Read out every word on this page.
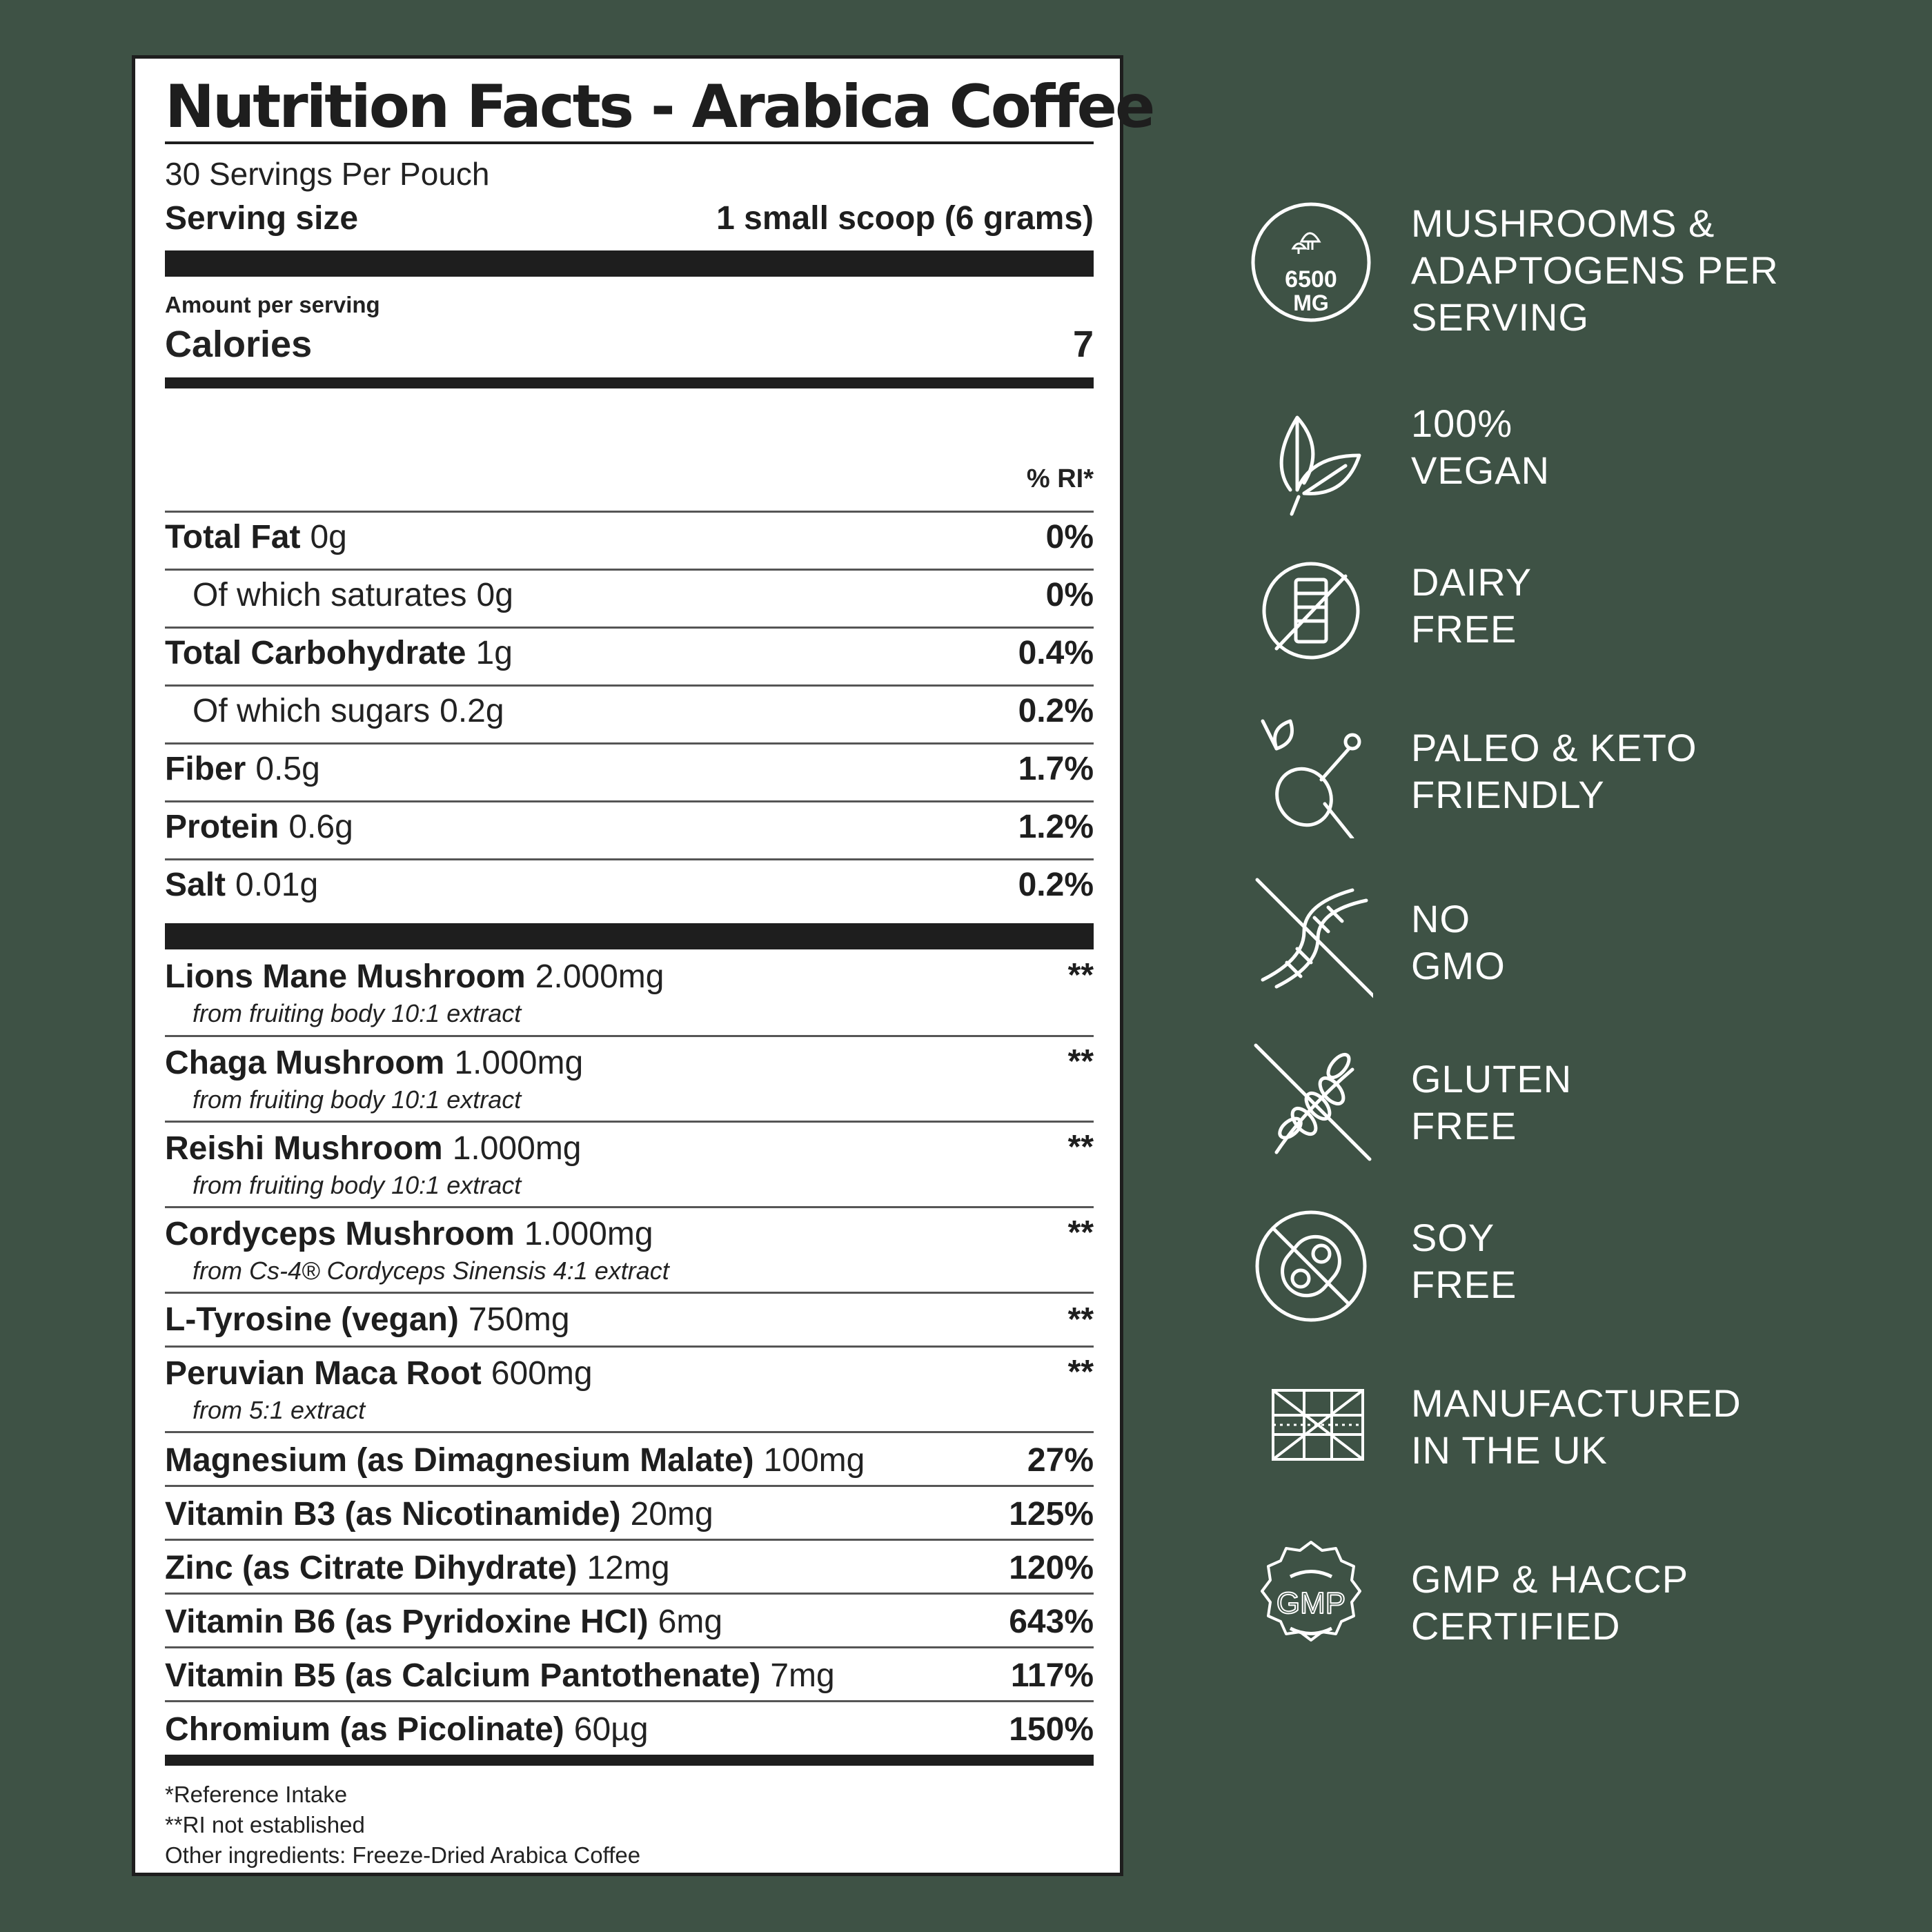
Nutrition Facts - Arabica Coffee
30 Servings Per Pouch
Serving size	1 small scoop (6 grams)
Amount per serving
Calories	7
% RI*
Total Fat 0g	0%
Of which saturates 0g	0%
Total Carbohydrate 1g	0.4%
Of which sugars 0.2g	0.2%
Fiber 0.5g	1.7%
Protein 0.6g	1.2%
Salt 0.01g	0.2%
Lions Mane Mushroom 2.000mg	**
from fruiting body 10:1 extract
Chaga Mushroom 1.000mg	**
from fruiting body 10:1 extract
Reishi Mushroom 1.000mg	**
from fruiting body 10:1 extract
Cordyceps Mushroom 1.000mg	**
from Cs-4® Cordyceps Sinensis 4:1 extract
L-Tyrosine (vegan) 750mg	**
Peruvian Maca Root 600mg	**
from 5:1 extract
Magnesium (as Dimagnesium Malate) 100mg	27%
Vitamin B3 (as Nicotinamide) 20mg	125%
Zinc (as Citrate Dihydrate) 12mg	120%
Vitamin B6 (as Pyridoxine HCl) 6mg	643%
Vitamin B5 (as Calcium Pantothenate) 7mg	117%
Chromium (as Picolinate) 60µg	150%
*Reference Intake
**RI not established
Other ingredients: Freeze-Dried Arabica Coffee
6500
MG
MUSHROOMS &
ADAPTOGENS PER
SERVING
100%
VEGAN
DAIRY
FREE
PALEO & KETO
FRIENDLY
NO
GMO
GLUTEN
FREE
SOY
FREE
MANUFACTURED
IN THE UK
GMP
GMP & HACCP
CERTIFIED
